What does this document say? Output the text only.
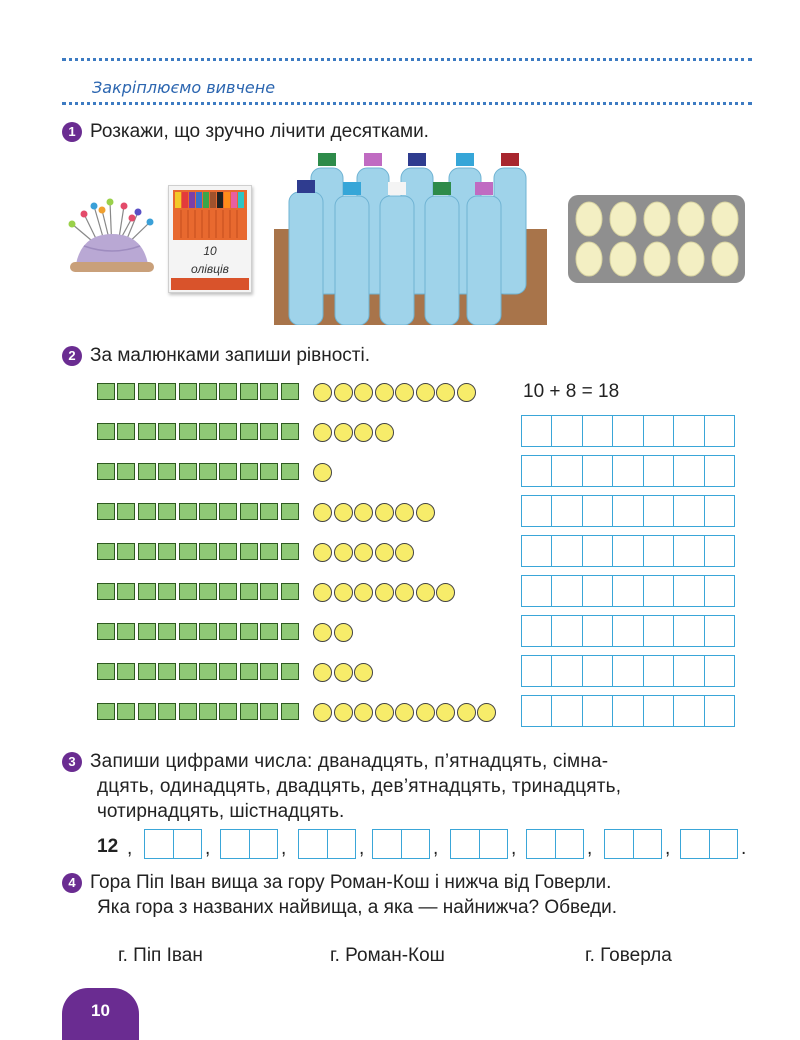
Закріплюємо вивчене
1 Розкажи, що зручно лічити десятками.
10
олівців
2 За малюнками запиши рівності.
10 + 8 = 18
3 Запиши цифрами числа: дванадцять, п’ятнадцять, сімна-
дцять, одинадцять, двадцять, дев’ятнадцять, тринадцять,
чотирнадцять, шістнадцять.
12 ,	,	,	,	,	,	,	,	.
4 Гора Піп Іван вища за гору Роман-Кош і нижча від Говерли.
Яка гора з названих найвища, а яка — найнижча? Обведи.
г. Піп Іван	г. Роман-Кош	г. Говерла
10
